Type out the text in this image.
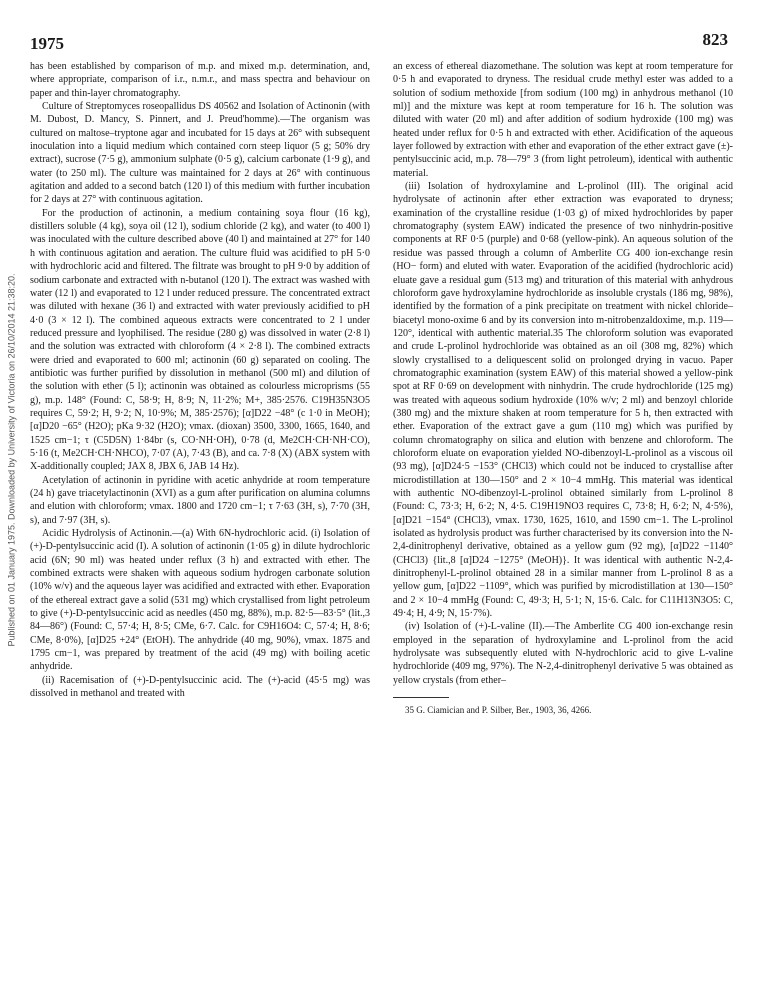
1975	823
Published on 01 January 1975. Downloaded by University of Victoria on 26/10/2014 21:38:20.

has been established by comparison of m.p. and mixed m.p. determination, and, where appropriate, comparison of i.r., n.m.r., and mass spectra and behaviour on paper and thin-layer chromatography.

Culture of Streptomyces roseopallidus DS 40562 and Isolation of Actinonin (with M. Dubost, D. Mancy, S. Pinnert, and J. Preud'homme).—The organism was cultured on maltose–tryptone agar and incubated for 15 days at 26° with subsequent inoculation into a liquid medium which contained corn steep liquor (5 g; 50% dry extract), sucrose (7·5 g), ammonium sulphate (0·5 g), calcium carbonate (1·9 g), and water (to 250 ml). The culture was maintained for 2 days at 26° with continuous agitation and added to a second batch (120 l) of this medium with further incubation for 2 days at 27° with continuous agitation.

For the production of actinonin, a medium containing soya flour (16 kg), distillers soluble (4 kg), soya oil (12 l), sodium chloride (2 kg), and water (to 400 l) was inoculated with the culture described above (40 l) and maintained at 27° for 140 h with continuous agitation and aeration. The culture fluid was acidified to pH 5·0 with hydrochloric acid and filtered. The filtrate was brought to pH 9·0 by addition of sodium carbonate and extracted with n-butanol (120 l). The extract was washed with water (12 l) and evaporated to 12 l under reduced pressure. The concentrated extract was diluted with hexane (36 l) and extracted with water previously acidified to pH 4·0 (3 × 12 l). The combined aqueous extracts were concentrated to 2 l under reduced pressure and lyophilised. The residue (280 g) was dissolved in water (2·8 l) and the solution was extracted with chloroform (4 × 2·8 l). The combined extracts were dried and evaporated to 600 ml; actinonin (60 g) separated on cooling. The antibiotic was further purified by dissolution in methanol (500 ml) and dilution of the solution with ether (5 l); actinonin was obtained as colourless microprisms (55 g), m.p. 148° (Found: C, 58·9; H, 8·9; N, 11·2%; M+, 385·2576. C19H35N3O5 requires C, 59·2; H, 9·2; N, 10·9%; M, 385·2576); [α]D22 −48° (c 1·0 in MeOH); [α]D20 −65° (H2O); pKa 9·32 (H2O); νmax. (dioxan) 3500, 3300, 1665, 1640, and 1525 cm−1; τ (C5D5N) 1·84br (s, CO·NH·OH), 0·78 (d, Me2CH·CH·NH·CO), 5·16 (t, Me2CH·CH·NHCO), 7·07 (A), 7·43 (B), and ca. 7·8 (X) (ABX system with X-additionally coupled; JAX 8, JBX 6, JAB 14 Hz).

Acetylation of actinonin in pyridine with acetic anhydride at room temperature (24 h) gave triacetylactinonin (XVI) as a gum after purification on alumina columns and elution with chloroform; νmax. 1800 and 1720 cm−1; τ 7·63 (3H, s), 7·70 (3H, s), and 7·97 (3H, s).

Acidic Hydrolysis of Actinonin.—(a) With 6N-hydrochloric acid. (i) Isolation of (+)-D-pentylsuccinic acid (I). A solution of actinonin (1·05 g) in dilute hydrochloric acid (6N; 90 ml) was heated under reflux (3 h) and extracted with ether. The combined extracts were shaken with aqueous sodium hydrogen carbonate solution (10% w/v) and the aqueous layer was acidified and extracted with ether. Evaporation of the ethereal extract gave a solid (531 mg) which crystallised from light petroleum to give (+)-D-pentylsuccinic acid as needles (450 mg, 88%), m.p. 82·5—83·5° (lit.,3 84—86°) (Found: C, 57·4; H, 8·5; CMe, 6·7. Calc. for C9H16O4: C, 57·4; H, 8·6; CMe, 8·0%), [α]D25 +24° (EtOH). The anhydride (40 mg, 90%), νmax. 1875 and 1795 cm−1, was prepared by treatment of the acid (49 mg) with boiling acetic anhydride.

(ii) Racemisation of (+)-D-pentylsuccinic acid. The (+)-acid (45·5 mg) was dissolved in methanol and treated with

an excess of ethereal diazomethane. The solution was kept at room temperature for 0·5 h and evaporated to dryness. The residual crude methyl ester was added to a solution of sodium methoxide [from sodium (100 mg) in anhydrous methanol (10 ml)] and the mixture was kept at room temperature for 16 h. The solution was diluted with water (20 ml) and after addition of sodium hydroxide (100 mg) was heated under reflux for 0·5 h and extracted with ether. Acidification of the aqueous layer followed by extraction with ether and evaporation of the ether extract gave (±)-pentylsuccinic acid, m.p. 78—79° 3 (from light petroleum), identical with authentic material.

(iii) Isolation of hydroxylamine and L-prolinol (III). The original acid hydrolysate of actinonin after ether extraction was evaporated to dryness; examination of the crystalline residue (1·03 g) of mixed hydrochlorides by paper chromatography (system EAW) indicated the presence of two ninhydrin-positive components at RF 0·5 (purple) and 0·68 (yellow-pink). An aqueous solution of the residue was passed through a column of Amberlite CG 400 ion-exchange resin (HO− form) and eluted with water. Evaporation of the acidified (hydrochloric acid) eluate gave a residual gum (513 mg) and trituration of this material with anhydrous chloroform gave hydroxylamine hydrochloride as insoluble crystals (186 mg, 98%), identified by the formation of a pink precipitate on treatment with nickel chloride–biacetyl mono-oxime 6 and by its conversion into m-nitrobenzaldoxime, m.p. 119—120°, identical with authentic material.35 The chloroform solution was evaporated and crude L-prolinol hydrochloride was obtained as an oil (308 mg, 82%) which slowly crystallised to a deliquescent solid on prolonged drying in vacuo. Paper chromatographic examination (system EAW) of this material showed a yellow-pink spot at RF 0·69 on development with ninhydrin. The crude hydrochloride (125 mg) was treated with aqueous sodium hydroxide (10% w/v; 2 ml) and benzoyl chloride (380 mg) and the mixture shaken at room temperature for 5 h, then extracted with ether. Evaporation of the extract gave a gum (110 mg) which was purified by column chromatography on silica and elution with benzene and chloroform. The chloroform eluate on evaporation yielded NO-dibenzoyl-L-prolinol as a viscous oil (93 mg), [α]D24·5 −153° (CHCl3) which could not be induced to crystallise after microdistillation at 130—150° and 2 × 10−4 mmHg. This material was identical with authentic NO-dibenzoyl-L-prolinol obtained similarly from L-prolinol 8 (Found: C, 73·3; H, 6·2; N, 4·5. C19H19NO3 requires C, 73·8; H, 6·2; N, 4·5%), [α]D21 −154° (CHCl3), νmax. 1730, 1625, 1610, and 1590 cm−1. The L-prolinol isolated as hydrolysis product was further characterised by its conversion into the N-2,4-dinitrophenyl derivative, obtained as a yellow gum (92 mg), [α]D22 −1140° (CHCl3) {lit.,8 [α]D24 −1275° (MeOH)}. It was identical with authentic N-2,4-dinitrophenyl-L-prolinol obtained 28 in a similar manner from L-prolinol 8 as a yellow gum, [α]D22 −1109°, which was purified by microdistillation at 130—150° and 2 × 10−4 mmHg (Found: C, 49·3; H, 5·1; N, 15·6. Calc. for C11H13N3O5: C, 49·4; H, 4·9; N, 15·7%).

(iv) Isolation of (+)-L-valine (II).—The Amberlite CG 400 ion-exchange resin employed in the separation of hydroxylamine and L-prolinol from the acid hydrolysate was subsequently eluted with N-hydrochloric acid to give L-valine hydrochloride (409 mg, 97%). The N-2,4-dinitrophenyl derivative 5 was obtained as yellow crystals (from ether–

35 G. Ciamician and P. Silber, Ber., 1903, 36, 4266.
